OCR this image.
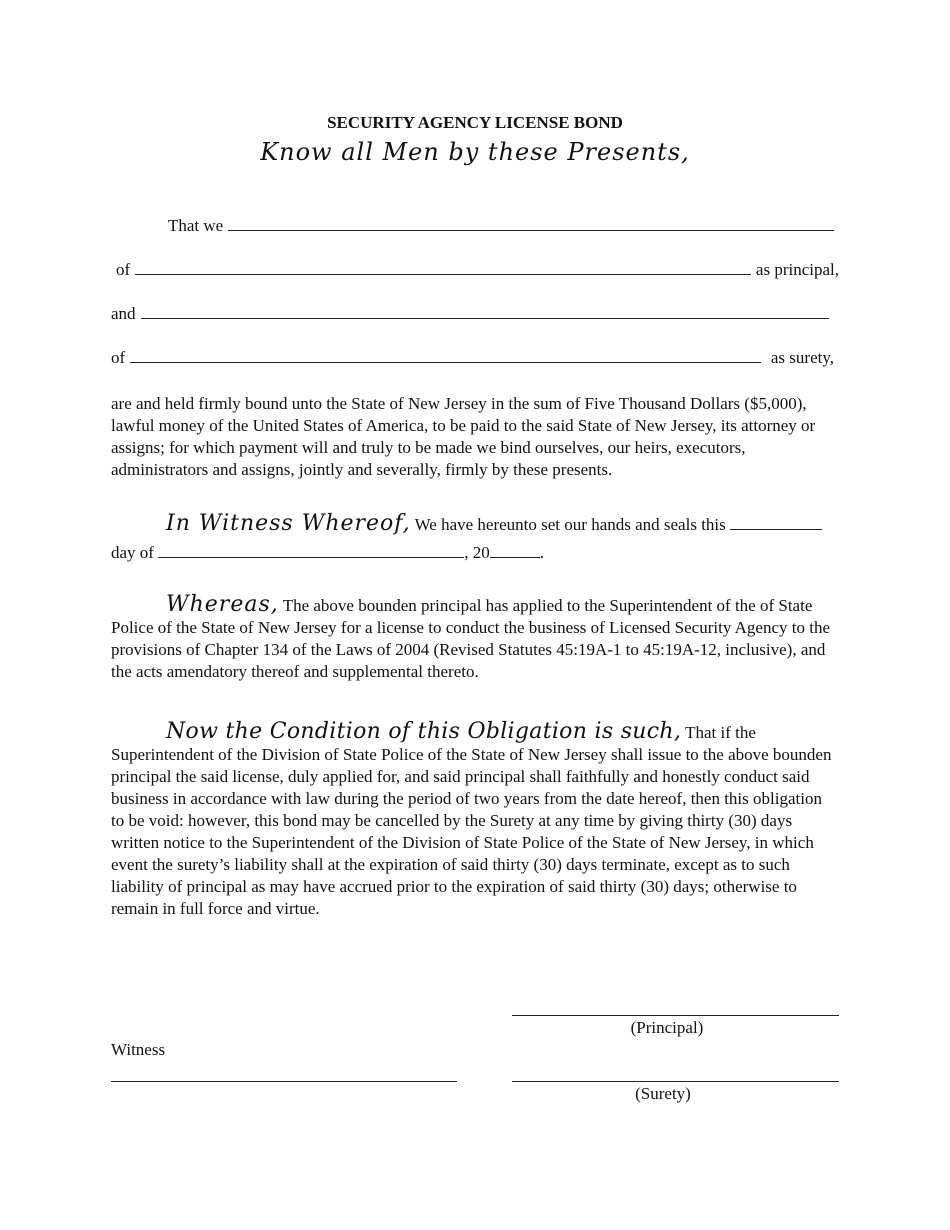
SECURITY AGENCY LICENSE BOND
Know all Men by these Presents,
That we
of	as principal,
and
of	as surety,
are and held firmly bound unto the State of New Jersey in the sum of Five Thousand Dollars ($5,000), lawful money of the United States of America, to be paid to the said State of New Jersey, its attorney or assigns; for which payment will and truly to be made we bind ourselves, our heirs, executors, administrators and assigns, jointly and severally, firmly by these presents.
In Witness Whereof, We have hereunto set our hands and seals this
day of	, 20	.
Whereas, The above bounden principal has applied to the Superintendent of the of State Police of the State of New Jersey for a license to conduct the business of Licensed Security Agency to the provisions of Chapter 134 of the Laws of 2004 (Revised Statutes 45:19A-1 to 45:19A-12, inclusive), and the acts amendatory thereof and supplemental thereto.
Now the Condition of this Obligation is such, That if the Superintendent of the Division of State Police of the State of New Jersey shall issue to the above bounden principal the said license, duly applied for, and said principal shall faithfully and honestly conduct said business in accordance with law during the period of two years from the date hereof, then this obligation to be void: however, this bond may be cancelled by the Surety at any time by giving thirty (30) days written notice to the Superintendent of the Division of State Police of the State of New Jersey, in which event the surety’s liability shall at the expiration of said thirty (30) days terminate, except as to such liability of principal as may have accrued prior to the expiration of said thirty (30) days; otherwise to remain in full force and virtue.
(Principal)
Witness
(Surety)
